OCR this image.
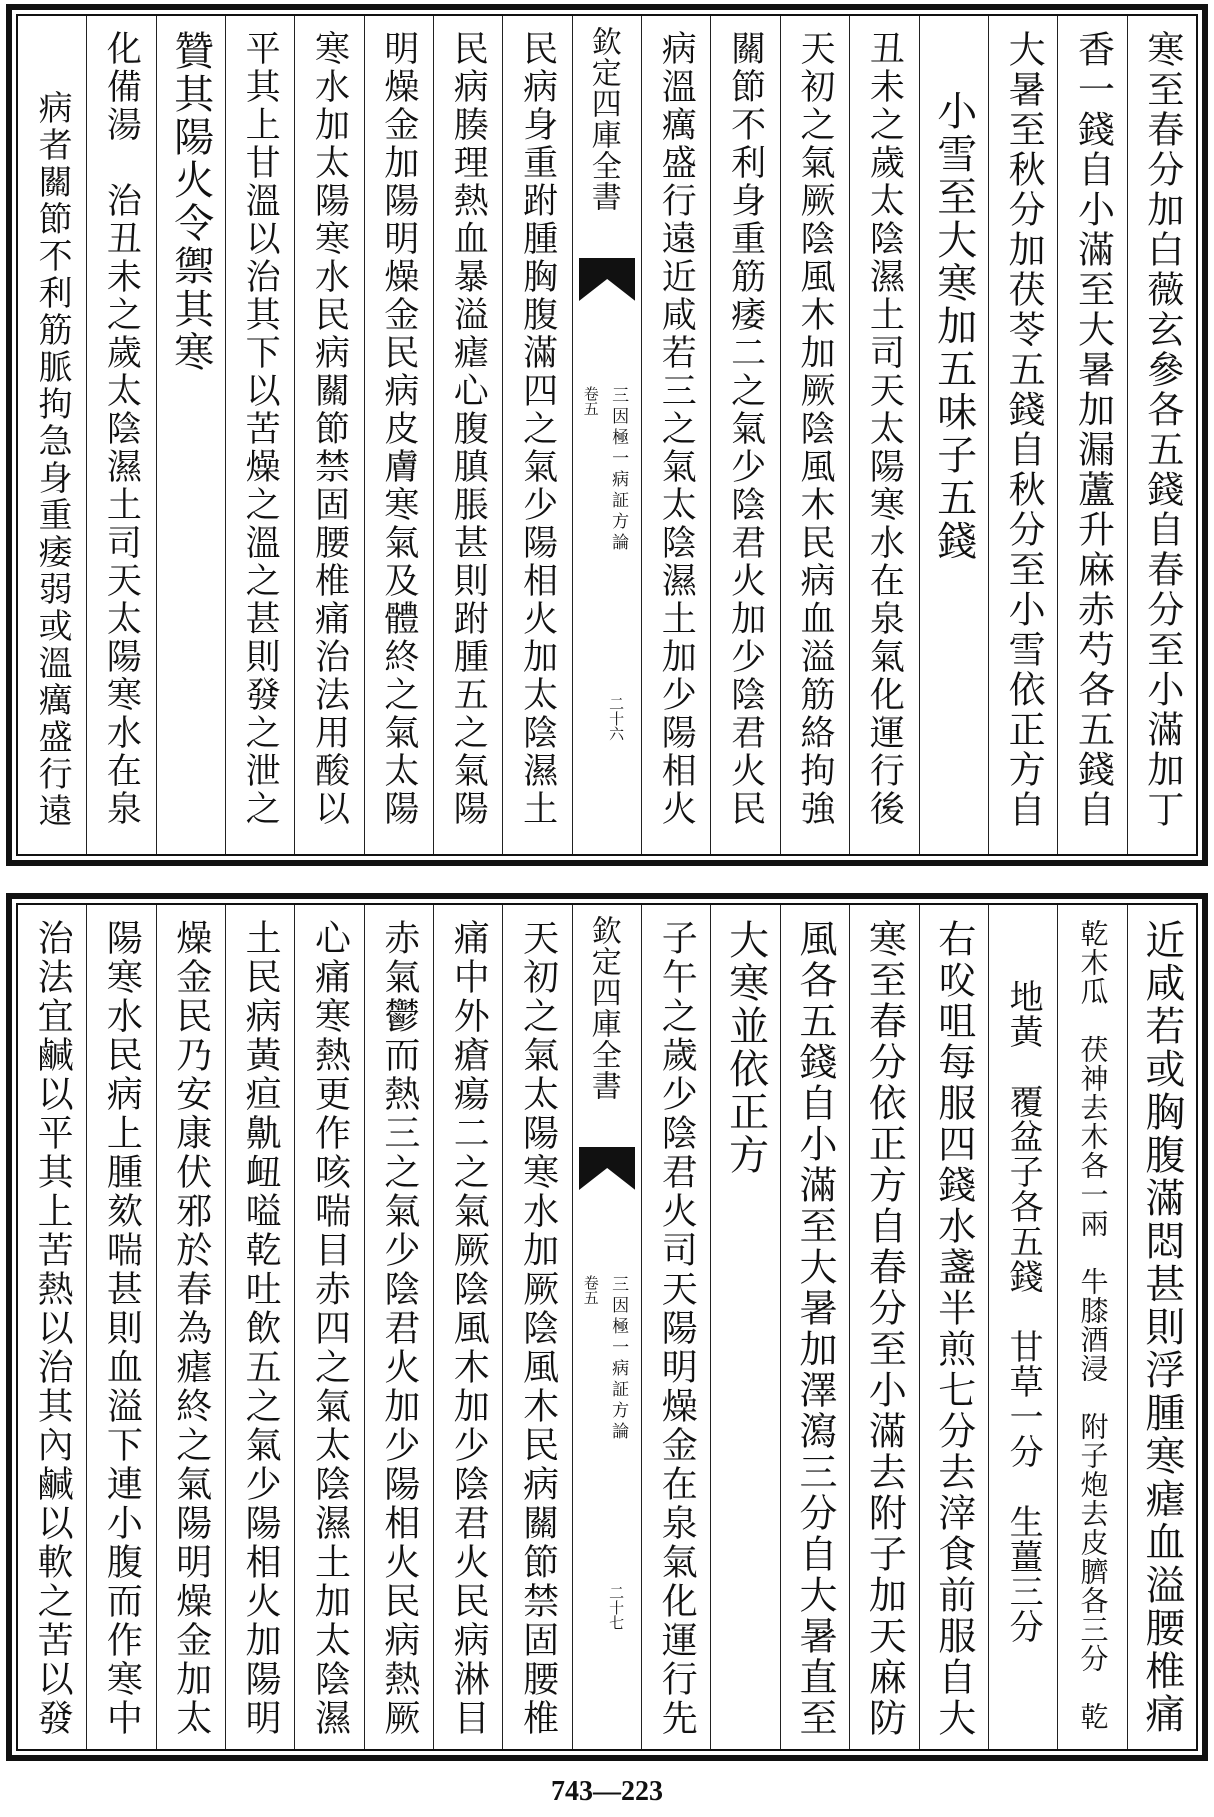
寒至春分加白薇玄參各五錢自春分至小滿加丁
香一錢自小滿至大暑加漏蘆升麻赤芍各五錢自
大暑至秋分加茯苓五錢自秋分至小雪依正方自
小雪至大寒加五味子五錢
丑未之歲太陰濕土司天太陽寒水在泉氣化運行後
天初之氣厥陰風木加厥陰風木民病血溢筋絡拘強
關節不利身重筋痿二之氣少陰君火加少陰君火民
病溫癘盛行遠近咸若三之氣太陰濕土加少陽相火
欽定四庫全書
三因極一病証方論
卷五
二十六
民病身重跗腫胸腹滿四之氣少陽相火加太陰濕土
民病腠理熱血暴溢瘧心腹䐜脹甚則跗腫五之氣陽
明燥金加陽明燥金民病皮膚寒氣及體終之氣太陽
寒水加太陽寒水民病關節禁固腰椎痛治法用酸以
平其上甘溫以治其下以苦燥之溫之甚則發之泄之
贊其陽火令禦其寒
化備湯　治丑未之歲太陰濕土司天太陽寒水在泉
病者關節不利筋脈拘急身重痿弱或溫癘盛行遠
近咸若或胸腹滿悶甚則浮腫寒瘧血溢腰椎痛
乾木瓜　茯神去木各一兩　牛膝酒浸　附子炮去皮臍各三分　乾
地黃　覆盆子各五錢　甘草一分　生薑三分
右㕮咀每服四錢水盞半煎七分去滓食前服自大
寒至春分依正方自春分至小滿去附子加天麻防
風各五錢自小滿至大暑加澤瀉三分自大暑直至
大寒並依正方
子午之歲少陰君火司天陽明燥金在泉氣化運行先
欽定四庫全書
三因極一病証方論
卷五
二十七
天初之氣太陽寒水加厥陰風木民病關節禁固腰椎
痛中外瘡瘍二之氣厥陰風木加少陰君火民病淋目
赤氣鬱而熱三之氣少陰君火加少陽相火民病熱厥
心痛寒熱更作咳喘目赤四之氣太陰濕土加太陰濕
土民病黃疸鼽衄嗌乾吐飲五之氣少陽相火加陽明
燥金民乃安康伏邪於春為瘧終之氣陽明燥金加太
陽寒水民病上腫欬喘甚則血溢下連小腹而作寒中
治法宜鹹以平其上苦熱以治其內鹹以軟之苦以發
743—223
